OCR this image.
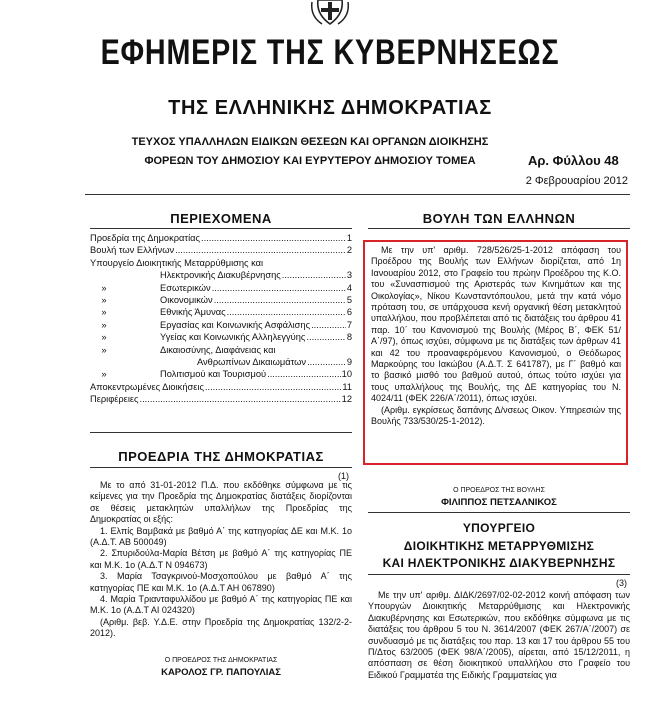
ΕΦΗΜΕΡΙΣ ΤΗΣ ΚΥΒΕΡΝΗΣΕΩΣ
ΤΗΣ ΕΛΛΗΝΙΚΗΣ ΔΗΜΟΚΡΑΤΙΑΣ
ΤΕΥΧΟΣ ΥΠΑΛΛΗΛΩΝ ΕΙΔΙΚΩΝ ΘΕΣΕΩΝ ΚΑΙ ΟΡΓΑΝΩΝ ΔΙΟΙΚΗΣΗΣ
ΦΟΡΕΩΝ ΤΟΥ ΔΗΜΟΣΙΟΥ ΚΑΙ ΕΥΡΥΤΕΡΟΥ ΔΗΜΟΣΙΟΥ ΤΟΜΕΑ	Αρ. Φύλλου 48
2 Φεβρουαρίου 2012
ΠΕΡΙΕΧΟΜΕΝΑ
Προεδρία της Δημοκρατίας .....	1
Βουλή των Ελλήνων .....	2
Υπουργείο Διοικητικής Μεταρρύθμισης και
Ηλεκτρονικής Διακυβέρνησης .....	3
»	Εσωτερικών .....	4
»	Οικονομικών .....	5
»	Εθνικής Άμυνας .....	6
»	Εργασίας και Κοινωνικής Ασφάλισης .....	7
»	Υγείας και Κοινωνικής Αλληλεγγύης .....	8
»	Δικαιοσύνης, Διαφάνειας και
Ανθρωπίνων Δικαιωμάτων .....	9
»	Πολιτισμού και Τουρισμού .....	10
Αποκεντρωμένες Διοικήσεις .....	11
Περιφέρειες .....	12
ΠΡΟΕΔΡΙΑ ΤΗΣ ΔΗΜΟΚΡΑΤΙΑΣ
(1)

Με το από 31-01-2012 Π.Δ. που εκδόθηκε σύμφωνα με τις κείμενες για την Προεδρία της Δημοκρατίας διατάξεις διορίζονται σε θέσεις μετακλητών υπαλλήλων της Προεδρίας της Δημοκρατίας οι εξής:

1. Ελπίς Βαμβακά με βαθμό Α΄ της κατηγορίας ΔΕ και Μ.Κ. 1ο (Α.Δ.Τ. ΑΒ 500049)

2. Σπυριδούλα-Μαρία Βέτση με βαθμό Α΄ της κατηγορίας ΠΕ και Μ.Κ. 1ο (Α.Δ.Τ Ν 094673)

3. Μαρία Τσαγκρινού-Μοσχοπούλου με βαθμό Α΄ της κατηγορίας ΠΕ και Μ.Κ. 1ο (Α.Δ.Τ ΑΗ 067890)

4. Μαρία Τριανταφυλλίδου με βαθμό Α΄ της κατηγορίας ΠΕ και Μ.Κ. 1ο (Α.Δ.Τ ΑΙ 024320)

(Αριθμ. βεβ. Υ.Δ.Ε. στην Προεδρία της Δημοκρατίας 132/2-2-2012).

Ο ΠΡΟΕΔΡΟΣ ΤΗΣ ΔΗΜΟΚΡΑΤΙΑΣ
ΚΑΡΟΛΟΣ ΓΡ. ΠΑΠΟΥΛΙΑΣ
ΒΟΥΛΗ ΤΩΝ ΕΛΛΗΝΩΝ

Με την υπ' αριθμ. 728/526/25-1-2012 απόφαση του Προέδρου της Βουλής των Ελλήνων διορίζεται, από 1η Ιανουαρίου 2012, στο Γραφείο του πρώην Προέδρου της Κ.Ο. του «Συνασπισμού της Αριστεράς των Κινημάτων και της Οικολογίας», Νίκου Κωνσταντόπουλου, μετά την κατά νόμο πρόταση του, σε υπάρχουσα κενή οργανική θέση μετακλητού υπαλλήλου, που προβλέπεται από τις διατάξεις του άρθρου 41 παρ. 10΄ του Κανονισμού της Βουλής (Μέρος Β΄, ΦΕΚ 51/Α΄/97), όπως ισχύει, σύμφωνα με τις διατάξεις των άρθρων 41 και 42 του προαναφερόμενου Κανονισμού, ο Θεόδωρος Μαρκούρης του Ιακώβου (Α.Δ.Τ. Σ 641787), με Γ΄ βαθμό και το βασικό μισθό του βαθμού αυτού, όπως τούτο ισχύει για τους υπαλλήλους της Βουλής, της ΔΕ κατηγορίας του Ν. 4024/11 (ΦΕΚ 226/Α΄/2011), όπως ισχύει.

(Αριθμ. εγκρίσεως δαπάνης Δ/νσεως Οικον. Υπηρεσιών της Βουλής 733/530/25-1-2012).

Ο ΠΡΟΕΔΡΟΣ ΤΗΣ ΒΟΥΛΗΣ
ΦΙΛΙΠΠΟΣ ΠΕΤΣΑΛΝΙΚΟΣ
ΥΠΟΥΡΓΕΙΟ
ΔΙΟΙΚΗΤΙΚΗΣ ΜΕΤΑΡΡΥΘΜΙΣΗΣ
ΚΑΙ ΗΛΕΚΤΡΟΝΙΚΗΣ ΔΙΑΚΥΒΕΡΝΗΣΗΣ
(3)

Με την υπ' αριθμ. ΔΙΔΚ/2697/02-02-2012 κοινή απόφαση των Υπουργών Διοικητικής Μεταρρύθμισης και Ηλεκτρονικής Διακυβέρνησης και Εσωτερικών, που εκδόθηκε σύμφωνα με τις διατάξεις του άρθρου 5 του Ν. 3614/2007 (ΦΕΚ 267/Α΄/2007) σε συνδυασμό με τις διατάξεις του παρ. 13 και 17 του άρθρου 55 του Π/Δτος 63/2005 (ΦΕΚ 98/Α΄/2005), αίρεται, από 15/12/2011, η απόσπαση σε θέση διοικητικού υπαλλήλου στο Γραφείο του Ειδικού Γραμματέα της Ειδικής Γραμματείας για
